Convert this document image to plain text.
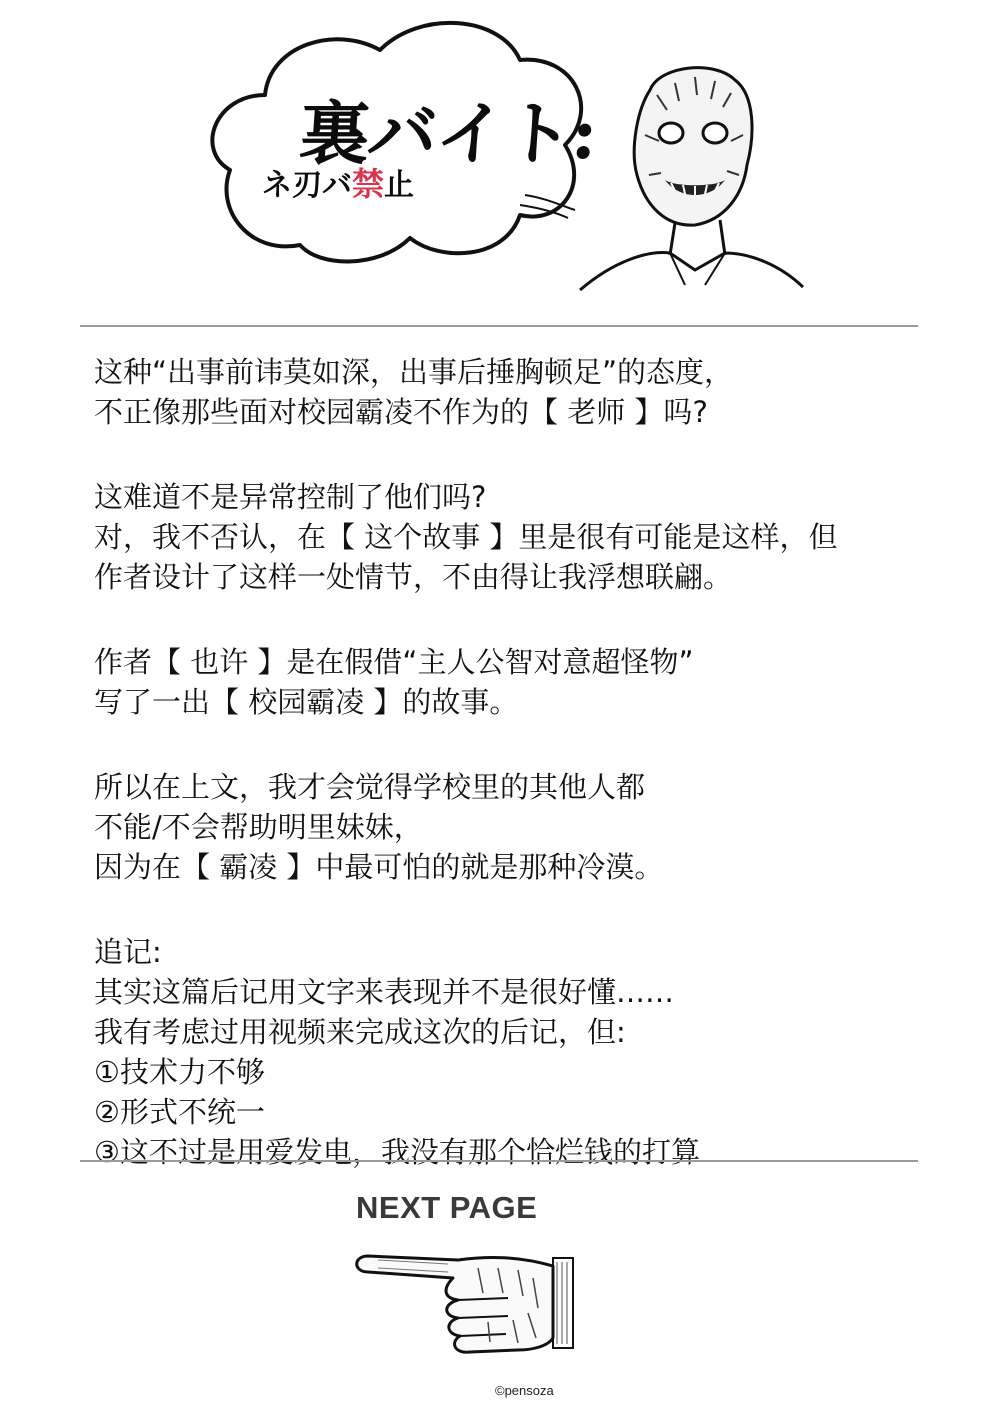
裏バイト:
ネ刃バ禁止
这种“出事前讳莫如深，出事后捶胸顿足”的态度，
不正像那些面对校园霸凌不作为的【 老师 】吗?
这难道不是异常控制了他们吗?
对，我不否认，在【 这个故事 】里是很有可能是这样，但
作者设计了这样一处情节，不由得让我浮想联翩。
作者【 也许 】是在假借“主人公智对意超怪物”
写了一出【 校园霸凌 】的故事。
所以在上文，我才会觉得学校里的其他人都
不能/不会帮助明里妹妹，
因为在【 霸凌 】中最可怕的就是那种冷漠。
追记:
其实这篇后记用文字来表现并不是很好懂……
我有考虑过用视频来完成这次的后记，但:
①技术力不够
②形式不统一
③这不过是用爱发电，我没有那个恰烂钱的打算
NEXT PAGE
©pensoza
